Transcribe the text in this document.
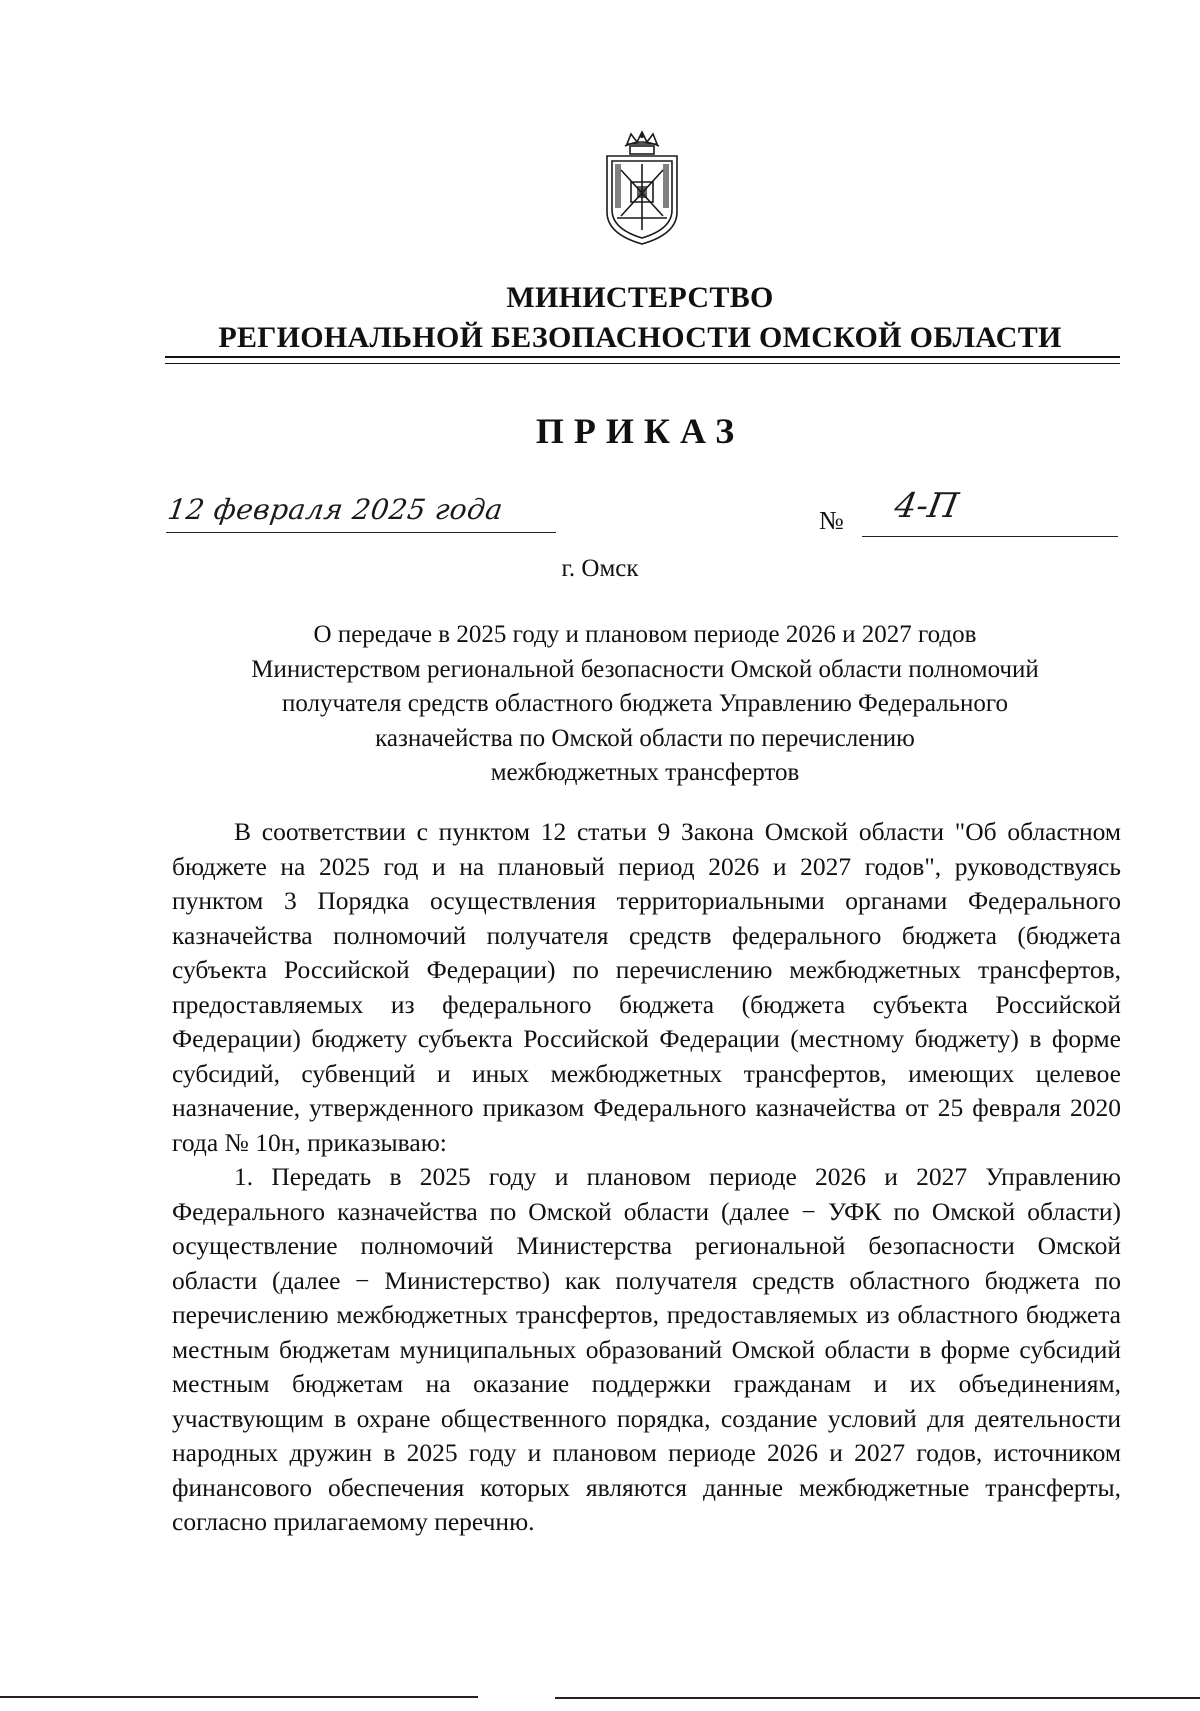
МИНИСТЕРСТВО
РЕГИОНАЛЬНОЙ БЕЗОПАСНОСТИ ОМСКОЙ ОБЛАСТИ
ПРИКАЗ
12 февраля 2025 года	№ 4-П
г. Омск
О передаче в 2025 году и плановом периоде 2026 и 2027 годов
Министерством региональной безопасности Омской области полномочий
получателя средств областного бюджета Управлению Федерального
казначейства по Омской области по перечислению
межбюджетных трансфертов

В соответствии с пунктом 12 статьи 9 Закона Омской области "Об областном бюджете на 2025 год и на плановый период 2026 и 2027 годов", руководствуясь пунктом 3 Порядка осуществления территориальными органами Федерального казначейства полномочий получателя средств федерального бюджета (бюджета субъекта Российской Федерации) по перечислению межбюджетных трансфертов, предоставляемых из федерального бюджета (бюджета субъекта Российской Федерации) бюджету субъекта Российской Федерации (местному бюджету) в форме субсидий, субвенций и иных межбюджетных трансфертов, имеющих целевое назначение, утвержденного приказом Федерального казначейства от 25 февраля 2020 года № 10н, приказываю:

1. Передать в 2025 году и плановом периоде 2026 и 2027 Управлению Федерального казначейства по Омской области (далее − УФК по Омской области) осуществление полномочий Министерства региональной безопасности Омской области (далее − Министерство) как получателя средств областного бюджета по перечислению межбюджетных трансфертов, предоставляемых из областного бюджета местным бюджетам муниципальных образований Омской области в форме субсидий местным бюджетам на оказание поддержки гражданам и их объединениям, участвующим в охране общественного порядка, создание условий для деятельности народных дружин в 2025 году и плановом периоде 2026 и 2027 годов, источником финансового обеспечения которых являются данные межбюджетные трансферты, согласно прилагаемому перечню.
